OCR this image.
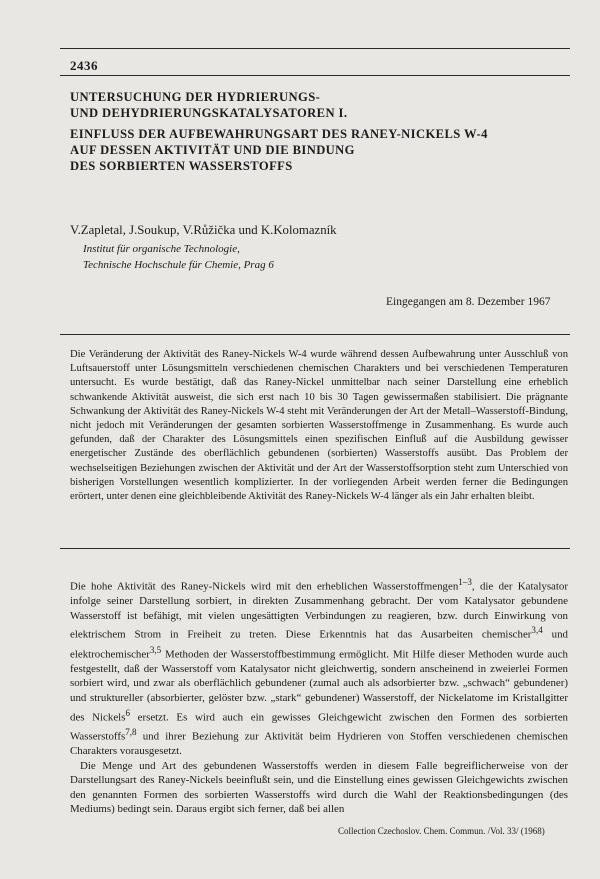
2436
UNTERSUCHUNG DER HYDRIERUNGS-
UND DEHYDRIERUNGSKATALYSATOREN I.
EINFLUSS DER AUFBEWAHRUNGSART DES RANEY-NICKELS W-4
AUF DESSEN AKTIVITÄT UND DIE BINDUNG
DES SORBIERTEN WASSERSTOFFS
V.Zapletal, J.Soukup, V.Růžička und K.Kolomazník
Institut für organische Technologie,
Technische Hochschule für Chemie, Prag 6
Eingegangen am 8. Dezember 1967
Die Veränderung der Aktivität des Raney-Nickels W-4 wurde während dessen Aufbewahrung unter Ausschluß von Luftsauerstoff unter Lösungsmitteln verschiedenen chemischen Charakters und bei verschiedenen Temperaturen untersucht. Es wurde bestätigt, daß das Raney-Nickel unmittelbar nach seiner Darstellung eine erheblich schwankende Aktivität ausweist, die sich erst nach 10 bis 30 Tagen gewissermaßen stabilisiert. Die prägnante Schwankung der Aktivität des Raney-Nickels W-4 steht mit Veränderungen der Art der Metall–Wasserstoff-Bindung, nicht jedoch mit Veränderungen der gesamten sorbierten Wasserstoffmenge in Zusammenhang. Es wurde auch gefunden, daß der Charakter des Lösungsmittels einen spezifischen Einfluß auf die Ausbildung gewisser energetischer Zustände des oberflächlich gebundenen (sorbierten) Wasserstoffs ausübt. Das Problem der wechselseitigen Beziehungen zwischen der Aktivität und der Art der Wasserstoffsorption steht zum Unterschied von bisherigen Vorstellungen wesentlich komplizierter. In der vorliegenden Arbeit werden ferner die Bedingungen erörtert, unter denen eine gleichbleibende Aktivität des Raney-Nickels W-4 länger als ein Jahr erhalten bleibt.

Die hohe Aktivität des Raney-Nickels wird mit den erheblichen Wasserstoffmengen$^{1-3}$, die der Katalysator infolge seiner Darstellung sorbiert, in direkten Zusammenhang gebracht. Der vom Katalysator gebundene Wasserstoff ist befähigt, mit vielen ungesättigten Verbindungen zu reagieren, bzw. durch Einwirkung von elektrischem Strom in Freiheit zu treten. Diese Erkenntnis hat das Ausarbeiten chemischer$^{3,4}$ und elektrochemischer$^{3,5}$ Methoden der Wasserstoffbestimmung ermöglicht. Mit Hilfe dieser Methoden wurde auch festgestellt, daß der Wasserstoff vom Katalysator nicht gleichwertig, sondern anscheinend in zweierlei Formen sorbiert wird, und zwar als oberflächlich gebundener (zumal auch als adsorbierter bzw. „schwach“ gebundener) und struktureller (absorbierter, gelöster bzw. „stark“ gebundener) Wasserstoff, der Nickelatome im Kristallgitter des Nickels$^6$ ersetzt. Es wird auch ein gewisses Gleichgewicht zwischen den Formen des sorbierten Wasserstoffs$^{7,8}$ und ihrer Beziehung zur Aktivität beim Hydrieren von Stoffen verschiedenen chemischen Charakters vorausgesetzt.

Die Menge und Art des gebundenen Wasserstoffs werden in diesem Falle begreiflicherweise von der Darstellungsart des Raney-Nickels beeinflußt sein, und die Einstellung eines gewissen Gleichgewichts zwischen den genannten Formen des sorbierten Wasserstoffs wird durch die Wahl der Reaktionsbedingungen (des Mediums) bedingt sein. Daraus ergibt sich ferner, daß bei allen

Collection Czechoslov. Chem. Commun. /Vol. 33/ (1968)
